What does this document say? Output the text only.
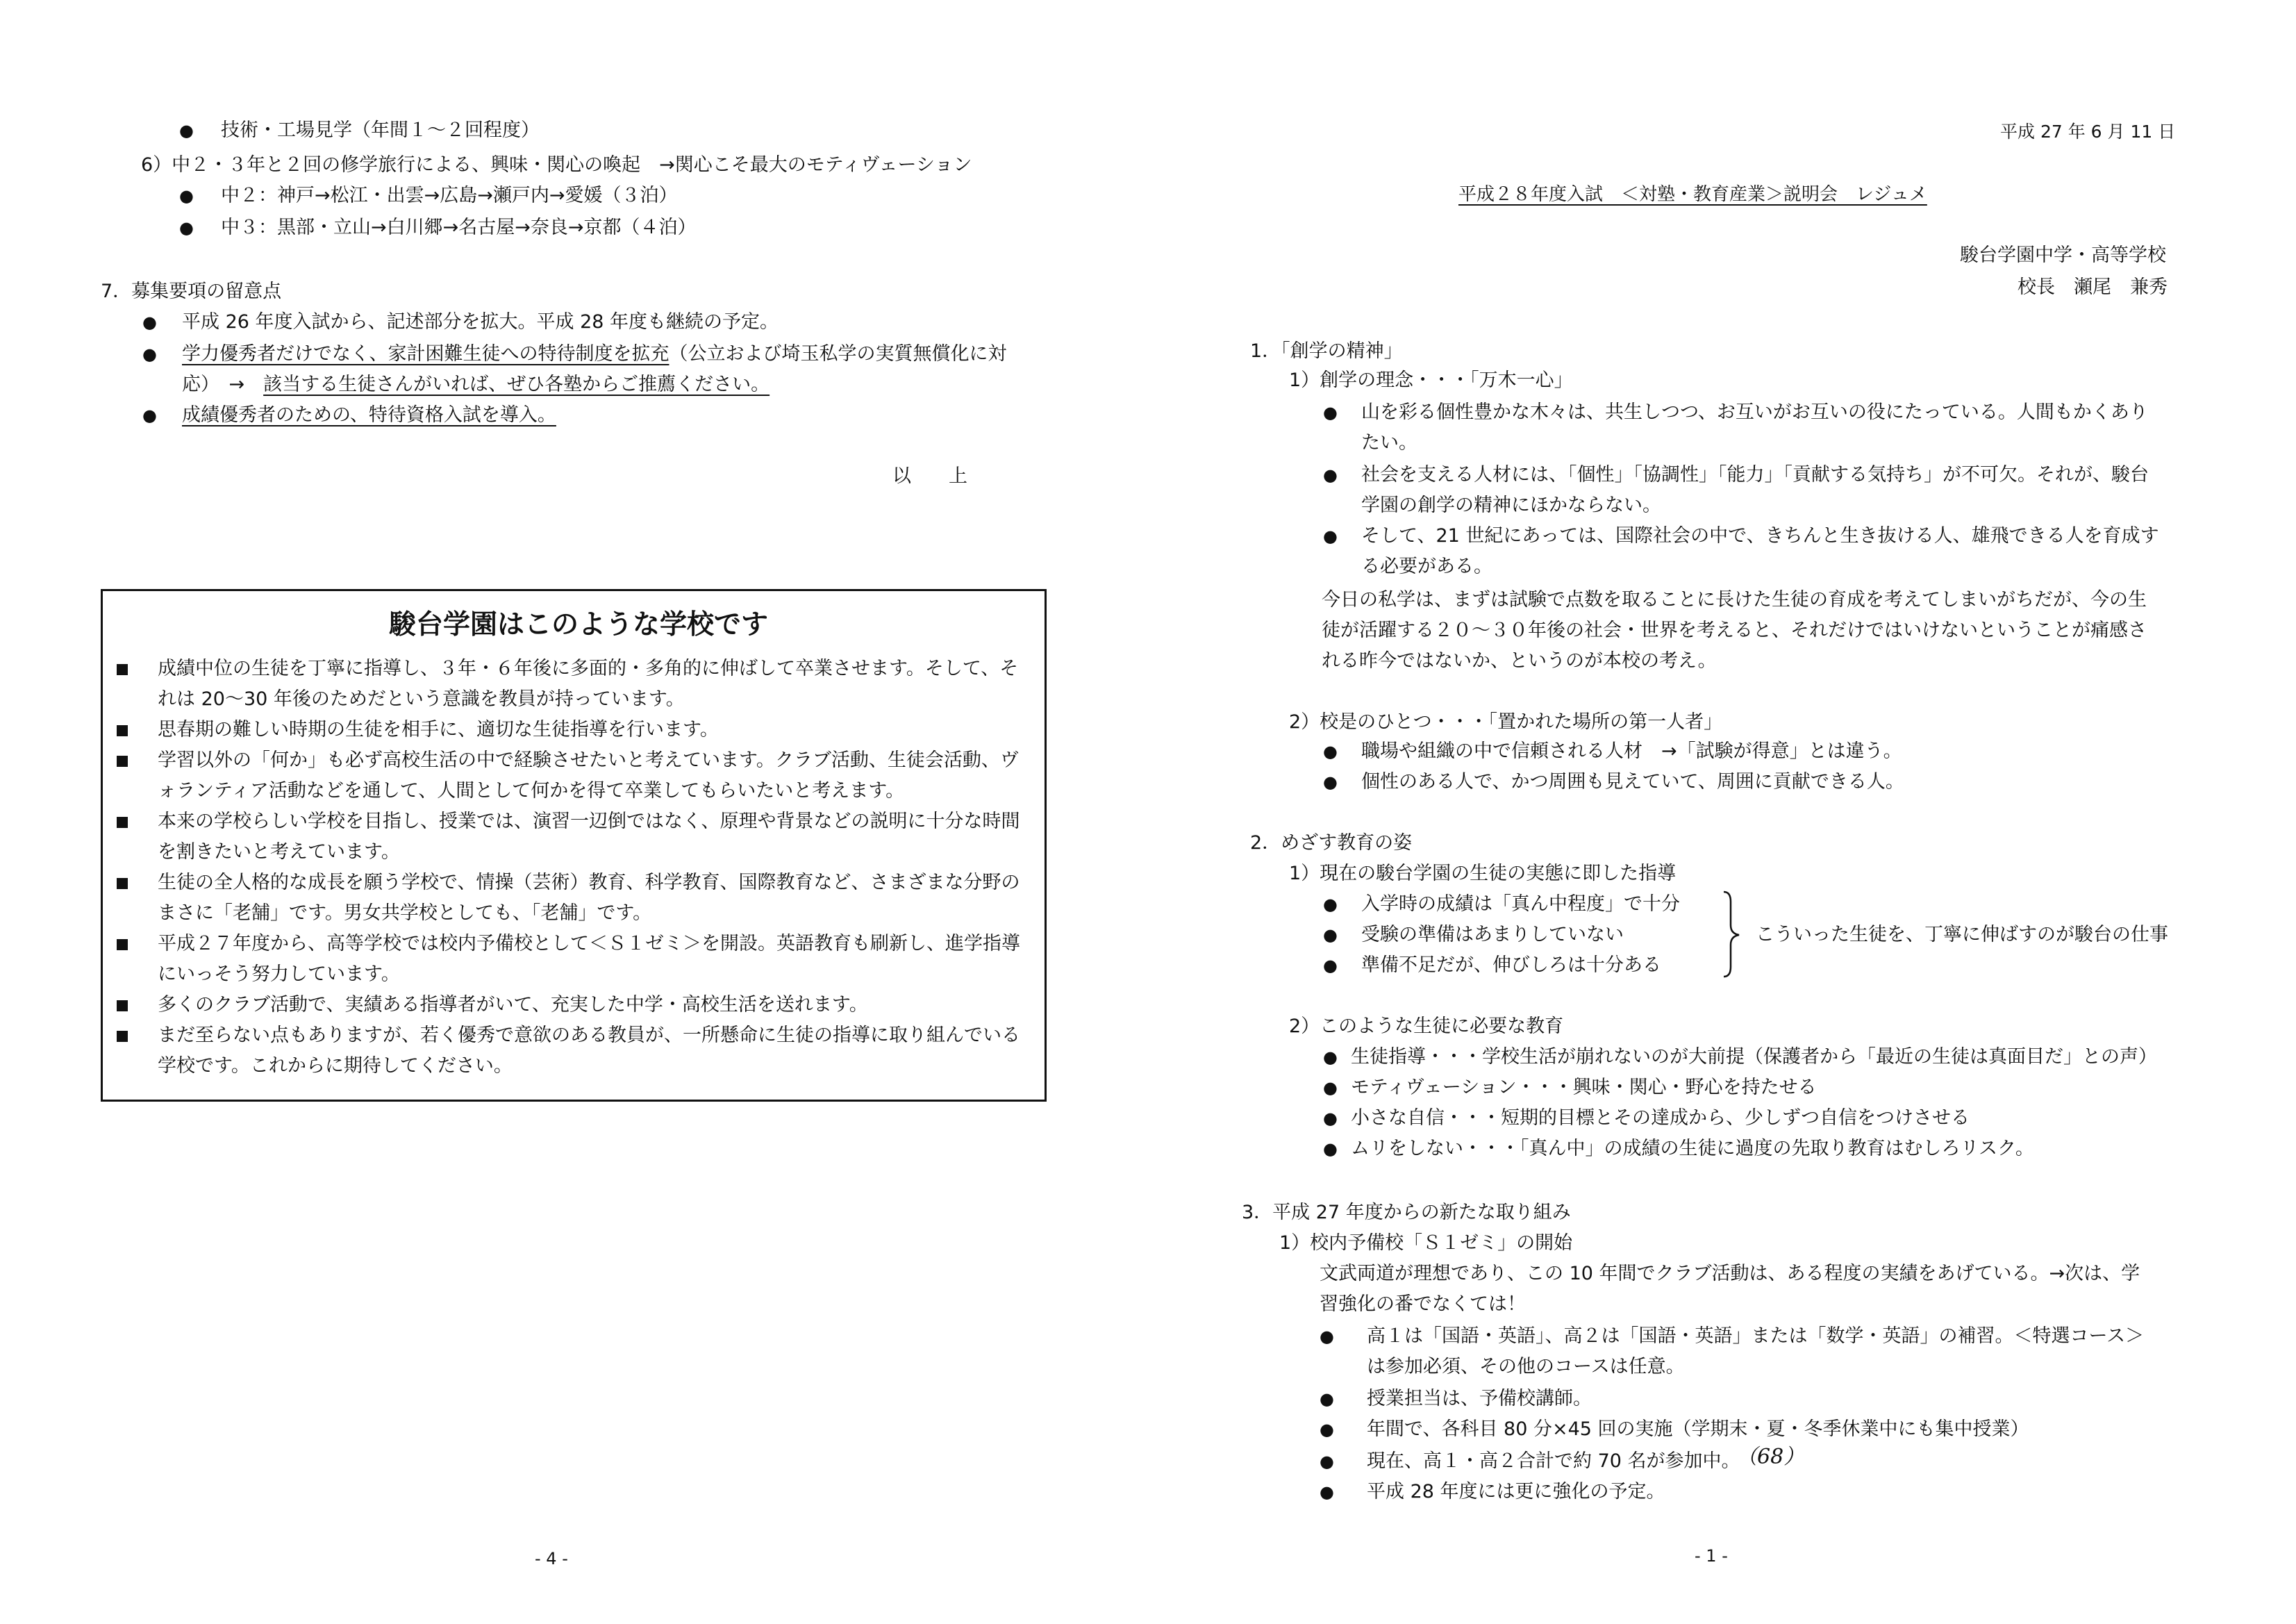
● 技術・工場見学（年間１～２回程度）
6）中２・３年と２回の修学旅行による、興味・関心の喚起　→関心こそ最大のモティヴェーション
● 中２：神戸→松江・出雲→広島→瀬戸内→愛媛（３泊）
● 中３：黒部・立山→白川郷→名古屋→奈良→京都（４泊）
7．募集要項の留意点
● 平成 26 年度入試から、記述部分を拡大。平成 28 年度も継続の予定。
● 学力優秀者だけでなく、家計困難生徒への特待制度を拡充（公立および埼玉私学の実質無償化に対
応）　→　該当する生徒さんがいれば、ぜひ各塾からご推薦ください。
● 成績優秀者のための、特待資格入試を導入。
以　　上
駿台学園はこのような学校です
成績中位の生徒を丁寧に指導し、３年・６年後に多面的・多角的に伸ばして卒業させます。そして、そ
れは 20～30 年後のためだという意識を教員が持っています。
思春期の難しい時期の生徒を相手に、適切な生徒指導を行います。
学習以外の「何か」も必ず高校生活の中で経験させたいと考えています。クラブ活動、生徒会活動、ヴ
ォランティア活動などを通して、人間として何かを得て卒業してもらいたいと考えます。
本来の学校らしい学校を目指し、授業では、演習一辺倒ではなく、原理や背景などの説明に十分な時間
を割きたいと考えています。
生徒の全人格的な成長を願う学校で、情操（芸術）教育、科学教育、国際教育など、さまざまな分野の
まさに「老舗」です。男女共学校としても、「老舗」です。
平成２７年度から、高等学校では校内予備校として＜Ｓ１ゼミ＞を開設。英語教育も刷新し、進学指導
にいっそう努力しています。
多くのクラブ活動で、実績ある指導者がいて、充実した中学・高校生活を送れます。
まだ至らない点もありますが、若く優秀で意欲のある教員が、一所懸命に生徒の指導に取り組んでいる
学校です。これからに期待してください。
- 4 -
平成 27 年 6 月 11 日
平成２８年度入試　＜対塾・教育産業＞説明会　レジュメ
駿台学園中学・高等学校
校長　瀬尾　兼秀
1．「創学の精神」
1）創学の理念・・・「万木一心」
● 山を彩る個性豊かな木々は、共生しつつ、お互いがお互いの役にたっている。人間もかくあり
たい。
● 社会を支える人材には、「個性」「協調性」「能力」「貢献する気持ち」が不可欠。それが、駿台
学園の創学の精神にほかならない。
● そして、21 世紀にあっては、国際社会の中で、きちんと生き抜ける人、雄飛できる人を育成す
る必要がある。
今日の私学は、まずは試験で点数を取ることに長けた生徒の育成を考えてしまいがちだが、今の生
徒が活躍する２０～３０年後の社会・世界を考えると、それだけではいけないということが痛感さ
れる昨今ではないか、というのが本校の考え。
2）校是のひとつ・・・「置かれた場所の第一人者」
● 職場や組織の中で信頼される人材　→「試験が得意」とは違う。
● 個性のある人で、かつ周囲も見えていて、周囲に貢献できる人。
2．めざす教育の姿
1）現在の駿台学園の生徒の実態に即した指導
● 入学時の成績は「真ん中程度」で十分
● 受験の準備はあまりしていない
● 準備不足だが、伸びしろは十分ある
こういった生徒を、丁寧に伸ばすのが駿台の仕事
2）このような生徒に必要な教育
● 生徒指導・・・学校生活が崩れないのが大前提（保護者から「最近の生徒は真面目だ」との声）
● モティヴェーション・・・興味・関心・野心を持たせる
● 小さな自信・・・短期的目標とその達成から、少しずつ自信をつけさせる
● ムリをしない・・・「真ん中」の成績の生徒に過度の先取り教育はむしろリスク。
3．平成 27 年度からの新たな取り組み
1）校内予備校「Ｓ１ゼミ」の開始
文武両道が理想であり、この 10 年間でクラブ活動は、ある程度の実績をあげている。→次は、学
習強化の番でなくては！
● 高１は「国語・英語」、高２は「国語・英語」または「数学・英語」の補習。＜特選コース＞
は参加必須、その他のコースは任意。
● 授業担当は、予備校講師。
● 年間で、各科目 80 分×45 回の実施（学期末・夏・冬季休業中にも集中授業）
● 現在、高１・高２合計で約 70 名が参加中。
（68）
● 平成 28 年度には更に強化の予定。
- 1 -
